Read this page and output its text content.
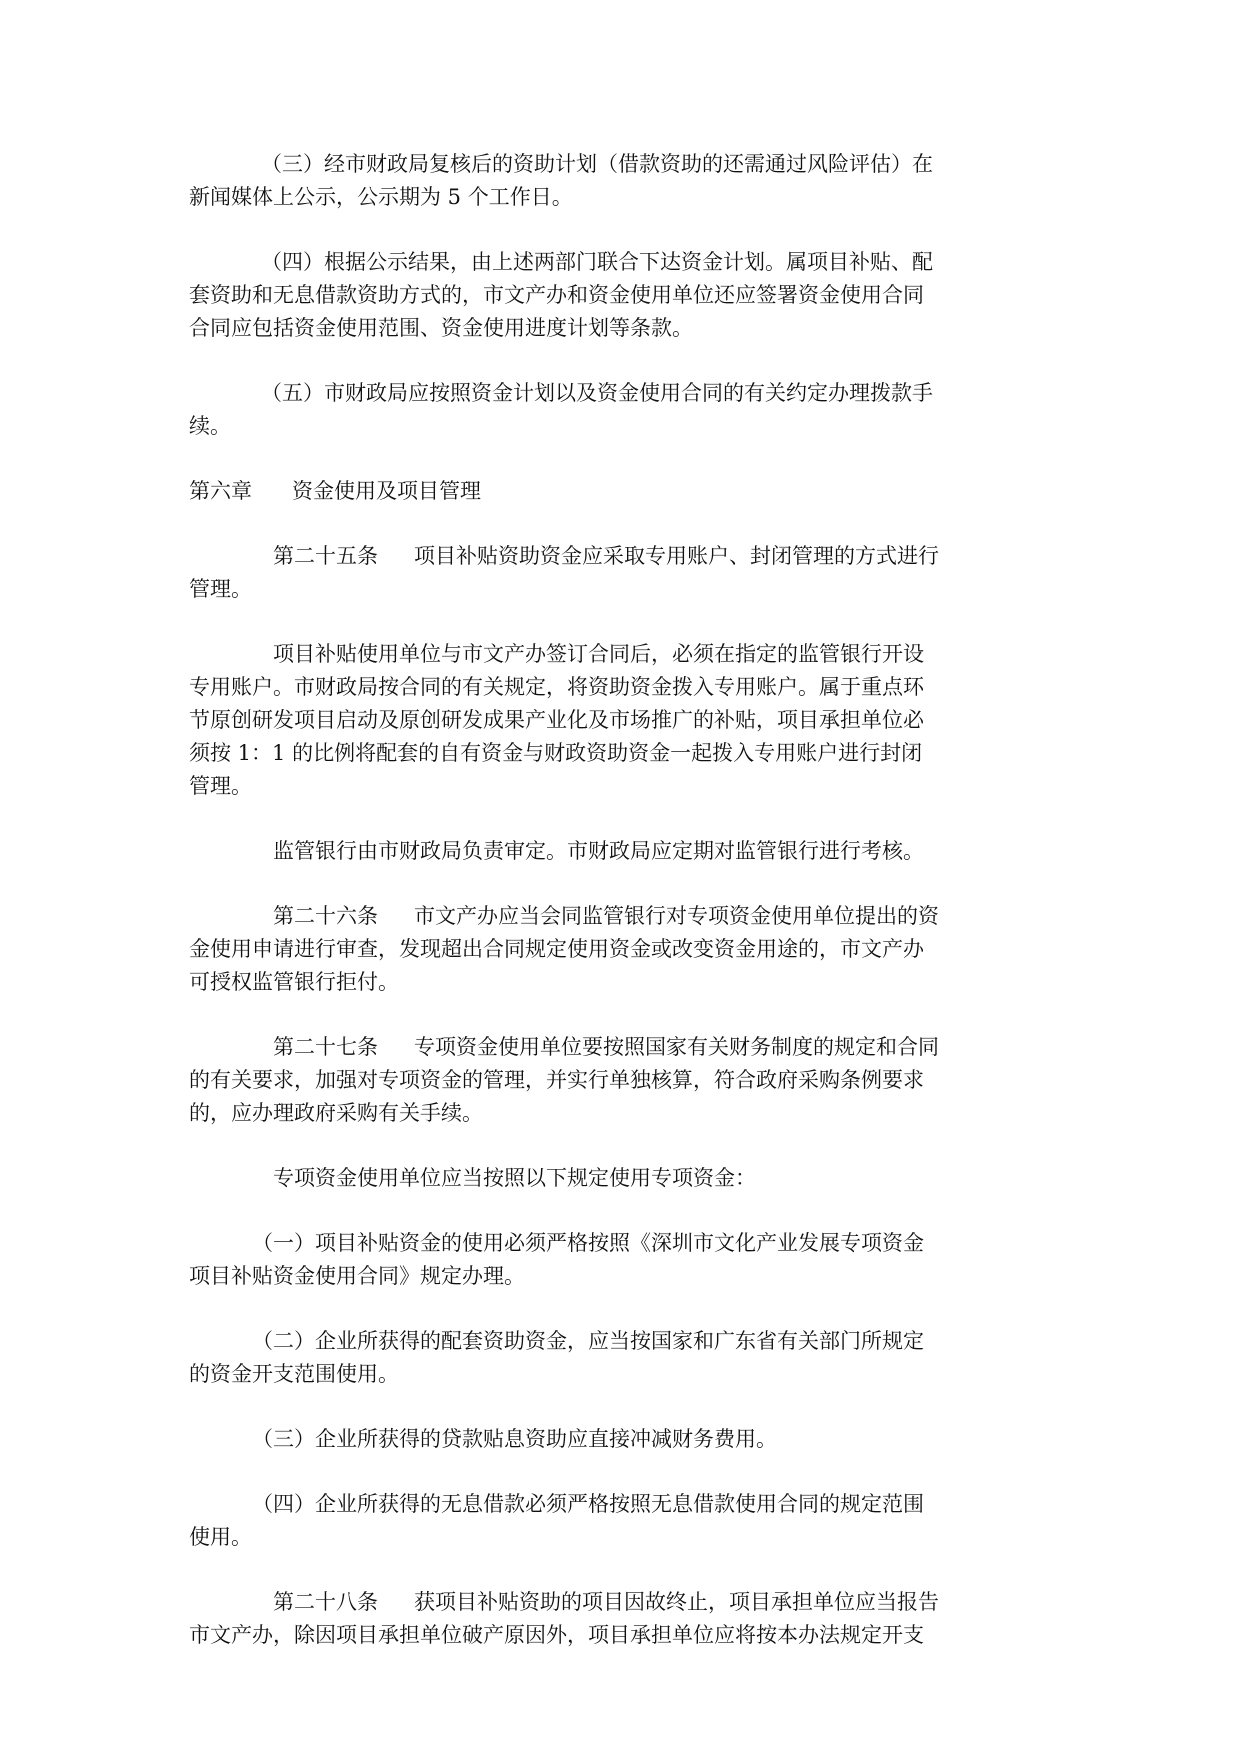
（三）经市财政局复核后的资助计划（借款资助的还需通过风险评估）在
新闻媒体上公示，公示期为 5 个工作日。
（四）根据公示结果，由上述两部门联合下达资金计划。属项目补贴、配
套资助和无息借款资助方式的，市文产办和资金使用单位还应签署资金使用合同
合同应包括资金使用范围、资金使用进度计划等条款。
（五）市财政局应按照资金计划以及资金使用合同的有关约定办理拨款手
续。
第六章 资金使用及项目管理
第二十五条 项目补贴资助资金应采取专用账户、封闭管理的方式进行
管理。
项目补贴使用单位与市文产办签订合同后，必须在指定的监管银行开设
专用账户。市财政局按合同的有关规定，将资助资金拨入专用账户。属于重点环
节原创研发项目启动及原创研发成果产业化及市场推广的补贴，项目承担单位必
须按 1：1 的比例将配套的自有资金与财政资助资金一起拨入专用账户进行封闭
管理。
监管银行由市财政局负责审定。市财政局应定期对监管银行进行考核。
第二十六条 市文产办应当会同监管银行对专项资金使用单位提出的资
金使用申请进行审查，发现超出合同规定使用资金或改变资金用途的，市文产办
可授权监管银行拒付。
第二十七条 专项资金使用单位要按照国家有关财务制度的规定和合同
的有关要求，加强对专项资金的管理，并实行单独核算，符合政府采购条例要求
的，应办理政府采购有关手续。
专项资金使用单位应当按照以下规定使用专项资金：
（一）项目补贴资金的使用必须严格按照《深圳市文化产业发展专项资金
项目补贴资金使用合同》规定办理。
（二）企业所获得的配套资助资金，应当按国家和广东省有关部门所规定
的资金开支范围使用。
（三）企业所获得的贷款贴息资助应直接冲减财务费用。
（四）企业所获得的无息借款必须严格按照无息借款使用合同的规定范围
使用。
第二十八条 获项目补贴资助的项目因故终止，项目承担单位应当报告
市文产办，除因项目承担单位破产原因外，项目承担单位应将按本办法规定开支
